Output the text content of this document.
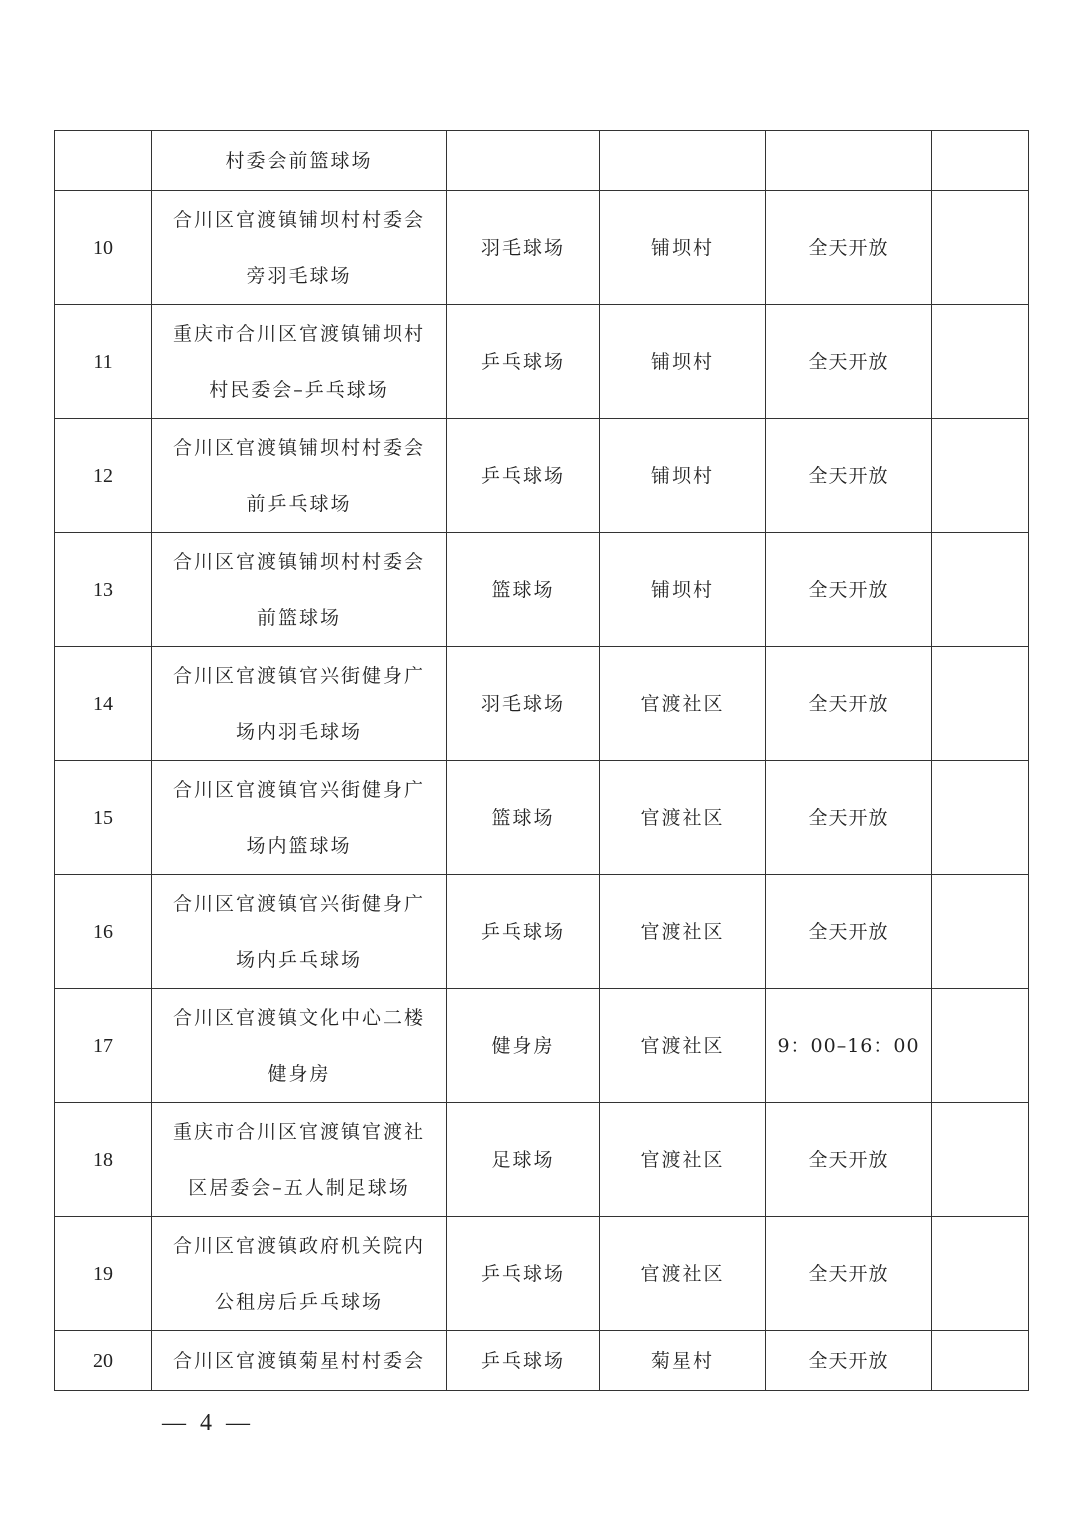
	村委会前篮球场				

10	合川区官渡镇铺坝村村委会
旁羽毛球场	羽毛球场	铺坝村	全天开放	
11	重庆市合川区官渡镇铺坝村
村民委会–乒乓球场	乒乓球场	铺坝村	全天开放	
12	合川区官渡镇铺坝村村委会
前乒乓球场	乒乓球场	铺坝村	全天开放	
13	合川区官渡镇铺坝村村委会
前篮球场	篮球场	铺坝村	全天开放	
14	合川区官渡镇官兴街健身广
场内羽毛球场	羽毛球场	官渡社区	全天开放	
15	合川区官渡镇官兴街健身广
场内篮球场	篮球场	官渡社区	全天开放	
16	合川区官渡镇官兴街健身广
场内乒乓球场	乒乓球场	官渡社区	全天开放	
17	合川区官渡镇文化中心二楼
健身房	健身房	官渡社区	9：00–16：00	
18	重庆市合川区官渡镇官渡社
区居委会–五人制足球场	足球场	官渡社区	全天开放	
19	合川区官渡镇政府机关院内
公租房后乒乓球场	乒乓球场	官渡社区	全天开放	
20	合川区官渡镇菊星村村委会	乒乓球场	菊星村	全天开放	
— 4 —
